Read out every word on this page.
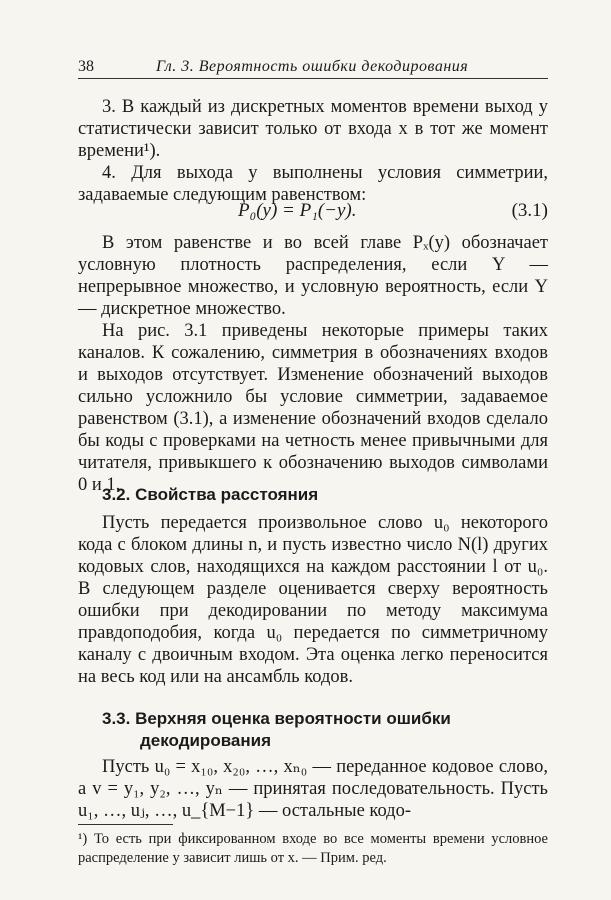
38	Гл. 3. Вероятность ошибки декодирования

3. В каждый из дискретных моментов времени выход y статистически зависит только от входа x в тот же момент времени¹).

4. Для выхода y выполнены условия симметрии, задаваемые следующим равенством:

P₀(y) = P₁(−y).	(3.1)

В этом равенстве и во всей главе Pₓ(y) обозначает условную плотность распределения, если Y — непрерывное множество, и условную вероятность, если Y — дискретное множество.

На рис. 3.1 приведены некоторые примеры таких каналов. К сожалению, симметрия в обозначениях входов и выходов отсутствует. Изменение обозначений выходов сильно усложнило бы условие симметрии, задаваемое равенством (3.1), а изменение обозначений входов сделало бы коды с проверками на четность менее привычными для читателя, привыкшего к обозначению выходов символами 0 и 1.

3.2. Свойства расстояния

Пусть передается произвольное слово u₀ некоторого кода с блоком длины n, и пусть известно число N(l) других кодовых слов, находящихся на каждом расстоянии l от u₀. В следующем разделе оценивается сверху вероятность ошибки при декодировании по методу максимума правдоподобия, когда u₀ передается по симметричному каналу с двоичным входом. Эта оценка легко переносится на весь код или на ансамбль кодов.

3.3. Верхняя оценка вероятности ошибки
декодирования

Пусть u₀ = x₁₀, x₂₀, …, xₙ₀ — переданное кодовое слово, а v = y₁, y₂, …, yₙ — принятая последовательность. Пусть u₁, …, uⱼ, …, u_{M−1} — остальные кодо-

¹) То есть при фиксированном входе во все моменты времени условное распределение y зависит лишь от x. — Прим. ред.
